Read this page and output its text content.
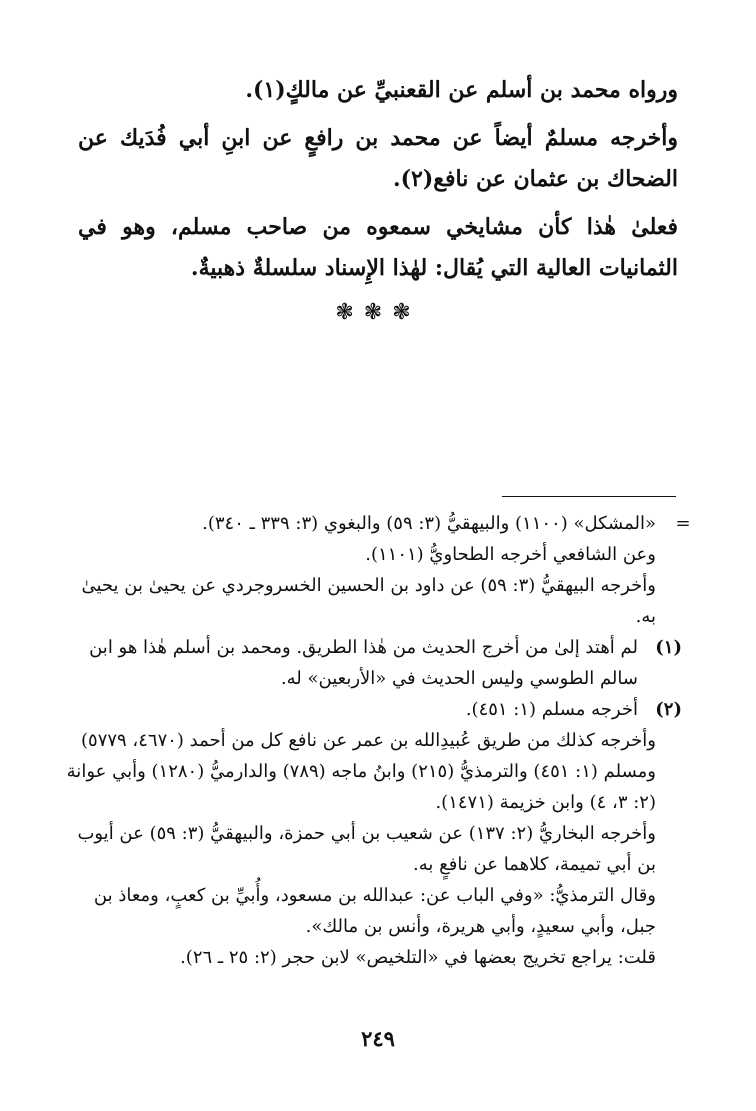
ورواه محمد بن أسلم عن القعنبيِّ عن مالكٍ(١).

وأخرجه مسلمٌ أيضاً عن محمد بن رافعٍ عن ابنِ أبي فُدَيك عن الضحاك بن عثمان عن نافع(٢).

فعلىٰ هٰذا كأن مشايخي سمعوه من صاحب مسلم، وهو في الثمانيات العالية التي يُقال: لهٰذا الإِسناد سلسلةٌ ذهبيةٌ.

❃❃❃
=
«المشكل» (١١٠٠) والبيهقيُّ (٣: ٥٩) والبغوي (٣: ٣٣٩ ـ ٣٤٠).
وعن الشافعي أخرجه الطحاويُّ (١١٠١).
وأخرجه البيهقيُّ (٣: ٥٩) عن داود بن الحسين الخسروجردي عن يحيىٰ بن يحيىٰ به.
(١)
لم أهتد إلىٰ من أخرج الحديث من هٰذا الطريق. ومحمد بن أسلم هٰذا هو ابن سالم الطوسي وليس الحديث في «الأربعين» له.
(٢)
أخرجه مسلم (١: ٤٥١).
وأخرجه كذلك من طريق عُبيدِالله بن عمر عن نافع كل من أحمد (٤٦٧٠، ٥٧٧٩) ومسلم (١: ٤٥١) والترمذيُّ (٢١٥) وابنُ ماجه (٧٨٩) والدارميُّ (١٢٨٠) وأبي عوانة (٢: ٣، ٤) وابن خزيمة (١٤٧١).
وأخرجه البخاريُّ (٢: ١٣٧) عن شعيب بن أبي حمزة، والبيهقيُّ (٣: ٥٩) عن أيوب بن أبي تميمة، كلاهما عن نافعٍ به.
وقال الترمذيُّ: «وفي الباب عن: عبدالله بن مسعود، وأُبيِّ بن كعبٍ، ومعاذ بن جبل، وأبي سعيدٍ، وأبي هريرة، وأنس بن مالك».
قلت: يراجع تخريج بعضها في «التلخيص» لابن حجر (٢: ٢٥ ـ ٢٦).
٢٤٩
